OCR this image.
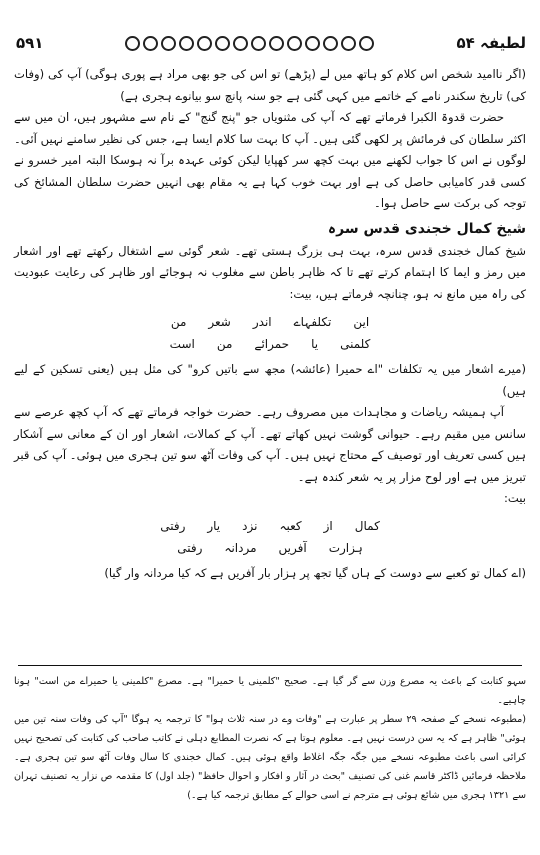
۵۹۱	لطیفہ ۵۴

(اگر ناامید شخص اس کلام کو ہاتھ میں لے (پڑھے) تو اس کی جو بھی مراد ہے پوری ہوگی) آپ کی (وفات کی) تاریخ سکندر نامے کے خاتمے میں کہی گئی ہے جو سنہ پانچ سو بیانوے ہجری ہے)

حضرت قدوۃ الکبرا فرماتے تھے کہ آپ کی مثنویاں جو "پنج گنج" کے نام سے مشہور ہیں، ان میں سے اکثر سلطان کی فرمائش پر لکھی گئی ہیں۔ آپ کا بہت سا کلام ایسا ہے، جس کی نظیر سامنے نہیں آئی۔ لوگوں نے اس کا جواب لکھنے میں بہت کچھ سر کھپایا لیکن کوئی عہدہ برآ نہ ہوسکا البتہ امیر خسرو نے کسی قدر کامیابی حاصل کی ہے اور بہت خوب کہا ہے یہ مقام بھی انہیں حضرت سلطان المشائخ کی توجہ کی برکت سے حاصل ہوا۔

شیخ کمال خجندی قدس سرہ

شیخ کمال خجندی قدس سرہ، بہت ہی بزرگ ہستی تھے۔ شعر گوئی سے اشتغال رکھتے تھے اور اشعار میں رمز و ایما کا اہتمام کرتے تھے تا کہ ظاہر باطن سے مغلوب نہ ہوجائے اور ظاہر کی رعایت عبودیت کی راہ میں مانع نہ ہو، چنانچہ فرماتے ہیں، بیت:

این
تکلفہاے
اندر
شعر
من
کلمنی
یا
حمرائے
من
است

(میرے اشعار میں یہ تکلفات "اے حمیرا (عائشہ) مجھ سے باتیں کرو" کی مثل ہیں (یعنی تسکین کے لیے ہیں)

آپ ہمیشہ ریاضات و مجاہدات میں مصروف رہے۔ حضرت خواجہ فرماتے تھے کہ آپ کچھ عرصے سے سانس میں مقیم رہے۔ حیوانی گوشت نہیں کھاتے تھے۔ آپ کے کمالات، اشعار اور ان کے معانی سے آشکار ہیں کسی تعریف اور توصیف کے محتاج نہیں ہیں۔ آپ کی وفات آٹھ سو تین ہجری میں ہوئی۔ آپ کی قبر تبریز میں ہے اور لوح مزار پر یہ شعر کندہ ہے۔

بیت:

کمال
از
کعبہ
نزد
یار
رفتی
ہزارت
آفریں
مردانہ
رفتی

(اے کمال تو کعبے سے دوست کے ہاں گیا تجھ پر ہزار بار آفریں ہے کہ کیا مردانہ وار گیا)

سہو کتابت کے باعث یہ مصرع وزن سے گر گیا ہے۔ صحیح "کلمینی یا حمیرا" ہے۔ مصرع "کلمینی یا حمیراے من است" ہونا چاہیے۔

(مطبوعہ نسخے کے صفحہ ۲۹ سطر پر عبارت ہے "وفات وے در سنہ ثلاث ہوا" کا ترجمہ یہ ہوگا "آپ کی وفات سنہ تین میں ہوئی" ظاہر ہے کہ یہ سن درست نہیں ہے۔ معلوم ہوتا ہے کہ نصرت المطابع دہلی نے کاتب صاحب کی کتابت کی تصحیح نہیں کرائی اسی باعث مطبوعہ نسخے میں جگہ جگہ اغلاط واقع ہوئی ہیں۔ کمال خجندی کا سال وفات آٹھ سو تین ہجری ہے۔ ملاحظہ فرمائیں ڈاکٹر قاسم غنی کی تصنیف "بحث در آثار و افکار و احوال حافظ" (جلد اول) کا مقدمہ ص نزار یہ تصنیف تہران سے ۱۳۲۱ ہجری میں شائع ہوئی ہے مترجم نے اسی حوالے کے مطابق ترجمہ کیا ہے۔)
